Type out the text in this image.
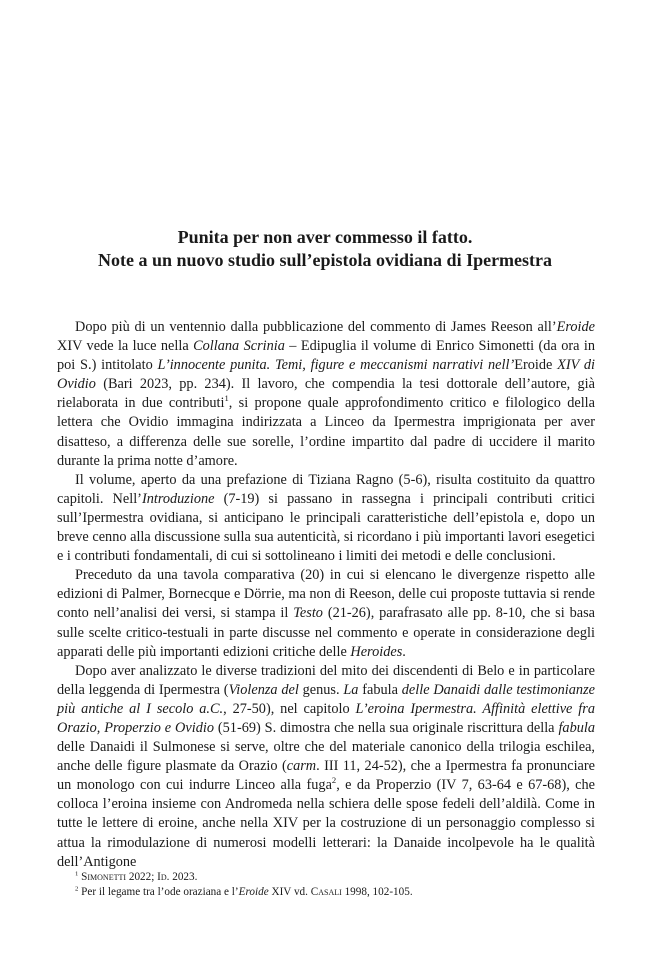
Punita per non aver commesso il fatto.
Note a un nuovo studio sull’epistola ovidiana di Ipermestra

Dopo più di un ventennio dalla pubblicazione del commento di James Reeson all’Eroide XIV vede la luce nella Collana Scrinia – Edipuglia il volume di Enrico Simonetti (da ora in poi S.) intitolato L’innocente punita. Temi, figure e meccanismi narrativi nell’Eroide XIV di Ovidio (Bari 2023, pp. 234). Il lavoro, che compendia la tesi dottorale dell’autore, già rielaborata in due contributi$^1$, si propone quale approfondimento critico e filologico della lettera che Ovidio immagina indirizzata a Linceo da Ipermestra imprigionata per aver disatteso, a differenza delle sue sorelle, l’ordine impartito dal padre di uccidere il marito durante la prima notte d’amore.

Il volume, aperto da una prefazione di Tiziana Ragno (5-6), risulta costituito da quattro capitoli. Nell’Introduzione (7-19) si passano in rassegna i principali contributi critici sull’Ipermestra ovidiana, si anticipano le principali caratteristiche dell’epistola e, dopo un breve cenno alla discussione sulla sua autenticità, si ricordano i più importanti lavori esegetici e i contributi fondamentali, di cui si sottolineano i limiti dei metodi e delle conclusioni.

Preceduto da una tavola comparativa (20) in cui si elencano le divergenze rispetto alle edizioni di Palmer, Bornecque e Dörrie, ma non di Reeson, delle cui proposte tuttavia si rende conto nell’analisi dei versi, si stampa il Testo (21-26), parafrasato alle pp. 8-10, che si basa sulle scelte critico-testuali in parte discusse nel commento e operate in considerazione degli apparati delle più importanti edizioni critiche delle Heroides.

Dopo aver analizzato le diverse tradizioni del mito dei discendenti di Belo e in particolare della leggenda di Ipermestra (Violenza del genus. La fabula delle Danaidi dalle testimonianze più antiche al I secolo a.C., 27-50), nel capitolo L’eroina Ipermestra. Affinità elettive fra Orazio, Properzio e Ovidio (51-69) S. dimostra che nella sua originale riscrittura della fabula delle Danaidi il Sulmonese si serve, oltre che del materiale canonico della trilogia eschilea, anche delle figure plasmate da Orazio (carm. III 11, 24-52), che a Ipermestra fa pronunciare un monologo con cui indurre Linceo alla fuga$^2$, e da Properzio (IV 7, 63-64 e 67-68), che colloca l’eroina insieme con Andromeda nella schiera delle spose fedeli dell’aldilà. Come in tutte le lettere di eroine, anche nella XIV per la costruzione di un personaggio complesso si attua la rimodulazione di numerosi modelli letterari: la Danaide incolpevole ha le qualità dell’Antigone

$^1$ Simonetti 2022; Id. 2023.

$^2$ Per il legame tra l’ode oraziana e l’Eroide XIV vd. Casali 1998, 102-105.
